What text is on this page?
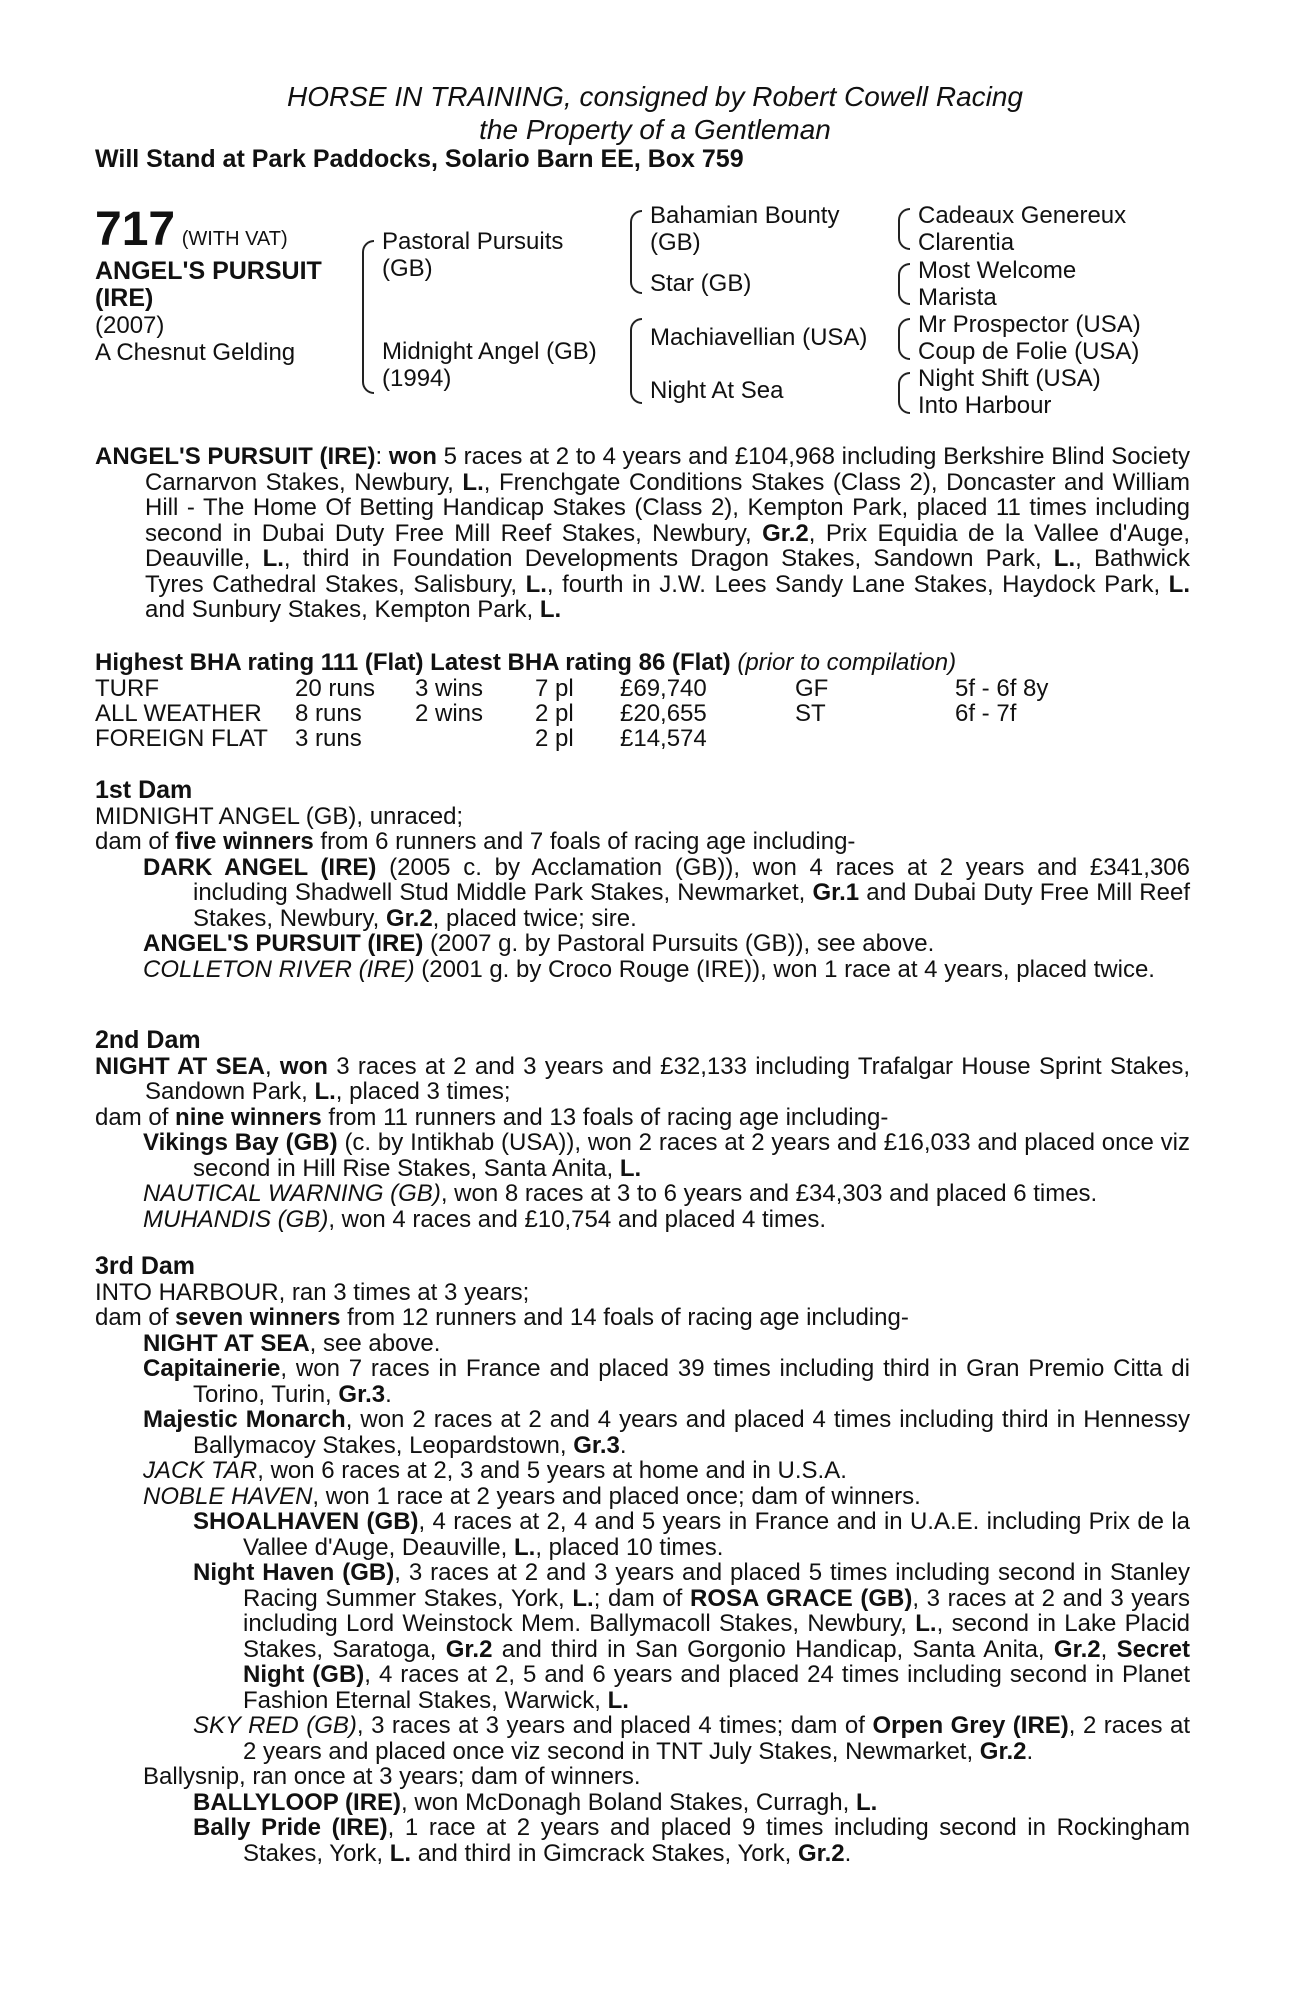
HORSE IN TRAINING, consigned by Robert Cowell Racing
the Property of a Gentleman
Will Stand at Park Paddocks, Solario Barn EE, Box 759
717 (WITH VAT)
ANGEL'S PURSUIT
(IRE)
(2007)
A Chesnut Gelding
Pastoral Pursuits
(GB)
Midnight Angel (GB)
(1994)
Bahamian Bounty
(GB)
Star (GB)
Machiavellian (USA)
Night At Sea
Cadeaux Genereux
Clarentia
Most Welcome
Marista
Mr Prospector (USA)
Coup de Folie (USA)
Night Shift (USA)
Into Harbour
ANGEL'S PURSUIT (IRE): won 5 races at 2 to 4 years and £104,968 including Berkshire Blind Society Carnarvon Stakes, Newbury, L., Frenchgate Conditions Stakes (Class 2), Doncaster and William Hill - The Home Of Betting Handicap Stakes (Class 2), Kempton Park, placed 11 times including second in Dubai Duty Free Mill Reef Stakes, Newbury, Gr.2, Prix Equidia de la Vallee d'Auge, Deauville, L., third in Foundation Developments Dragon Stakes, Sandown Park, L., Bathwick Tyres Cathedral Stakes, Salisbury, L., fourth in J.W. Lees Sandy Lane Stakes, Haydock Park, L. and Sunbury Stakes, Kempton Park, L.
Highest BHA rating 111 (Flat) Latest BHA rating 86 (Flat) (prior to compilation)
TURF	20 runs	3 wins	7 pl	£69,740	GF	5f - 6f 8y
ALL WEATHER	8 runs	2 wins	2 pl	£20,655	ST	6f - 7f
FOREIGN FLAT	3 runs		2 pl	£14,574		
1st Dam
MIDNIGHT ANGEL (GB), unraced;
dam of five winners from 6 runners and 7 foals of racing age including-
DARK ANGEL (IRE) (2005 c. by Acclamation (GB)), won 4 races at 2 years and £341,306 including Shadwell Stud Middle Park Stakes, Newmarket, Gr.1 and Dubai Duty Free Mill Reef Stakes, Newbury, Gr.2, placed twice; sire.
ANGEL'S PURSUIT (IRE) (2007 g. by Pastoral Pursuits (GB)), see above.
COLLETON RIVER (IRE) (2001 g. by Croco Rouge (IRE)), won 1 race at 4 years, placed twice.
2nd Dam
NIGHT AT SEA, won 3 races at 2 and 3 years and £32,133 including Trafalgar House Sprint Stakes, Sandown Park, L., placed 3 times;
dam of nine winners from 11 runners and 13 foals of racing age including-
Vikings Bay (GB) (c. by Intikhab (USA)), won 2 races at 2 years and £16,033 and placed once viz second in Hill Rise Stakes, Santa Anita, L.
NAUTICAL WARNING (GB), won 8 races at 3 to 6 years and £34,303 and placed 6 times.
MUHANDIS (GB), won 4 races and £10,754 and placed 4 times.
3rd Dam
INTO HARBOUR, ran 3 times at 3 years;
dam of seven winners from 12 runners and 14 foals of racing age including-
NIGHT AT SEA, see above.
Capitainerie, won 7 races in France and placed 39 times including third in Gran Premio Citta di Torino, Turin, Gr.3.
Majestic Monarch, won 2 races at 2 and 4 years and placed 4 times including third in Hennessy Ballymacoy Stakes, Leopardstown, Gr.3.
JACK TAR, won 6 races at 2, 3 and 5 years at home and in U.S.A.
NOBLE HAVEN, won 1 race at 2 years and placed once; dam of winners.
SHOALHAVEN (GB), 4 races at 2, 4 and 5 years in France and in U.A.E. including Prix de la Vallee d'Auge, Deauville, L., placed 10 times.
Night Haven (GB), 3 races at 2 and 3 years and placed 5 times including second in Stanley Racing Summer Stakes, York, L.; dam of ROSA GRACE (GB), 3 races at 2 and 3 years including Lord Weinstock Mem. Ballymacoll Stakes, Newbury, L., second in Lake Placid Stakes, Saratoga, Gr.2 and third in San Gorgonio Handicap, Santa Anita, Gr.2, Secret Night (GB), 4 races at 2, 5 and 6 years and placed 24 times including second in Planet Fashion Eternal Stakes, Warwick, L.
SKY RED (GB), 3 races at 3 years and placed 4 times; dam of Orpen Grey (IRE), 2 races at 2 years and placed once viz second in TNT July Stakes, Newmarket, Gr.2.
Ballysnip, ran once at 3 years; dam of winners.
BALLYLOOP (IRE), won McDonagh Boland Stakes, Curragh, L.
Bally Pride (IRE), 1 race at 2 years and placed 9 times including second in Rockingham Stakes, York, L. and third in Gimcrack Stakes, York, Gr.2.
